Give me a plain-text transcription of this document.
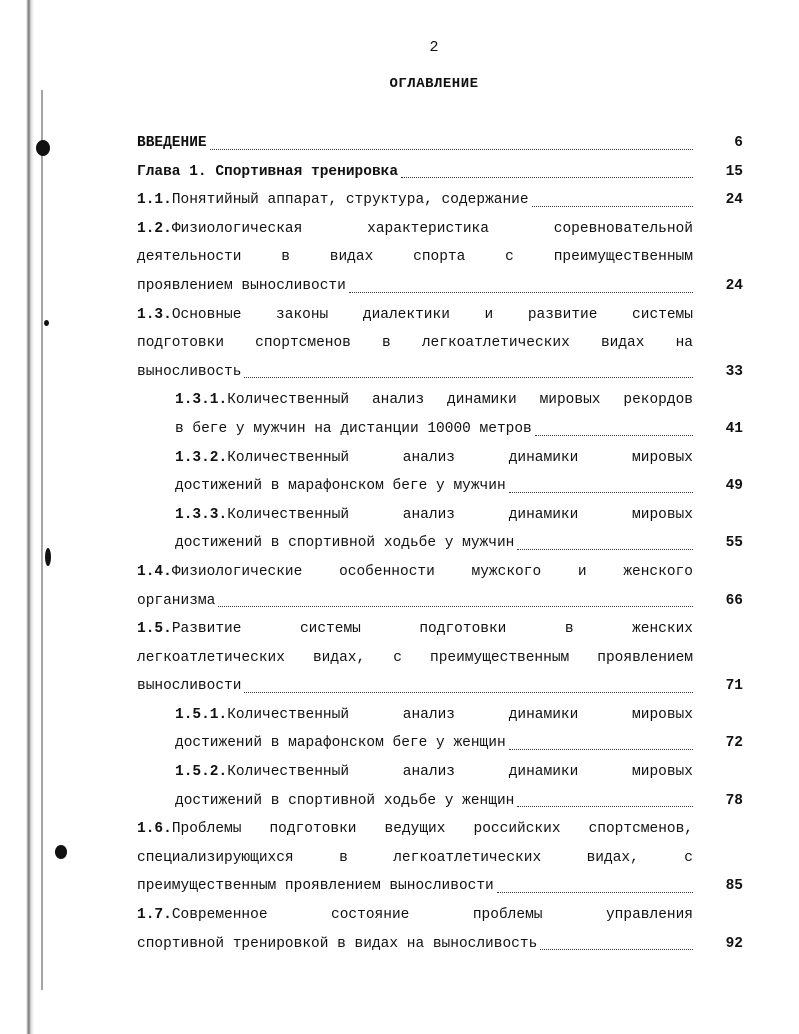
2
ОГЛАВЛЕНИЕ
ВВЕДЕНИЕ	6
Глава 1. Спортивная тренировка	15
1.1.Понятийный аппарат, структура, содержание	24
1.2.Физиологическая	характеристика	соревновательной
деятельности	в	видах	спорта	с	преимущественным
проявлением выносливости	24
1.3.Основные законы диалектики и развитие системы
подготовки спортсменов в легкоатлетических видах на
выносливость	33
1.3.1.Количественный анализ динамики мировых рекордов
в беге у мужчин на дистанции 10000 метров	41
1.3.2.Количественный	анализ	динамики	мировых
достижений в марафонском беге у мужчин	49
1.3.3.Количественный	анализ	динамики	мировых
достижений в спортивной ходьбе у мужчин	55
1.4.Физиологические	особенности	мужского	и	женского
организма	66
1.5.Развитие	системы	подготовки	в	женских
легкоатлетических видах, с преимущественным проявлением
выносливости	71
1.5.1.Количественный	анализ	динамики	мировых
достижений в марафонском беге у женщин	72
1.5.2.Количественный	анализ	динамики	мировых
достижений в спортивной ходьбе у женщин	78
1.6.Проблемы подготовки ведущих российских спортсменов,
специализирующихся	в	легкоатлетических	видах,	с
преимущественным проявлением выносливости	85
1.7.Современное	состояние	проблемы	управления
спортивной тренировкой в видах на выносливость	92
